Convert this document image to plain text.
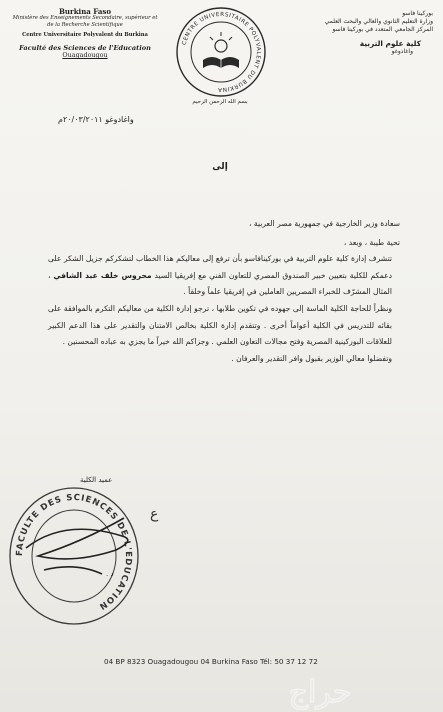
Burkina Faso
Ministère des Enseignements Secondaire, supérieur et
de la Recherche Scientifique
Centre Universitaire Polyvalent du Burkina
Faculté des Sciences de l'Education
Ouagadougou
بوركينا فاسو
وزارة التعليم الثانوي والعالي والبحث العلمي
المركز الجامعي المتعدد في بوركينا فاسو
كلية علوم التربية
واغادوغو
CENTRE UNIVERSITAIRE POLYVALENT DU BURKINA
بسم الله الرحمن الرحيم
واغادوغو ٢٠/٠٣/٢٠١١م
إلى

سعادة وزير الخارجية في جمهورية مصر العربية ،

تحية طيبة ، وبعد ،

تتشرف إدارة كلية علوم التربية في بوركينافاسو بأن ترفع إلى معاليكم هذا الخطاب لتشكركم جزيل الشكر على دعمكم للكلية بتعيين خبير الصندوق المصري للتعاون الفني مع إفريقيا السيد محروس خلف عبد الشافي ، المثال المشرّف للخبراء المصريين العاملين في إفريقيا علماً وخلقاً .

ونظراً للحاجة الكلية الماسة إلى جهوده في تكوين طلابها ، ترجو إدارة الكلية من معاليكم التكرم بالموافقة على بقائه للتدريس في الكلية أعواماً أخرى . وتتقدم إدارة الكلية بخالص الامتنان والتقدير على هذا الدعم الكبير للعلاقات البوركينية المصرية وفتح مجالات التعاون العلمي . وجزاكم الله خيراً ما يجزي به عباده المحسنين .

وتفضلوا معالي الوزير بقبول وافر التقدير والعرفان .

عميد الكلية
FACULTE DES SCIENCES DE L'EDUCATION
ع
د .
04 BP 8323 Ouagadougou 04 Burkina Faso Tél: 50 37 12 72
حراج
